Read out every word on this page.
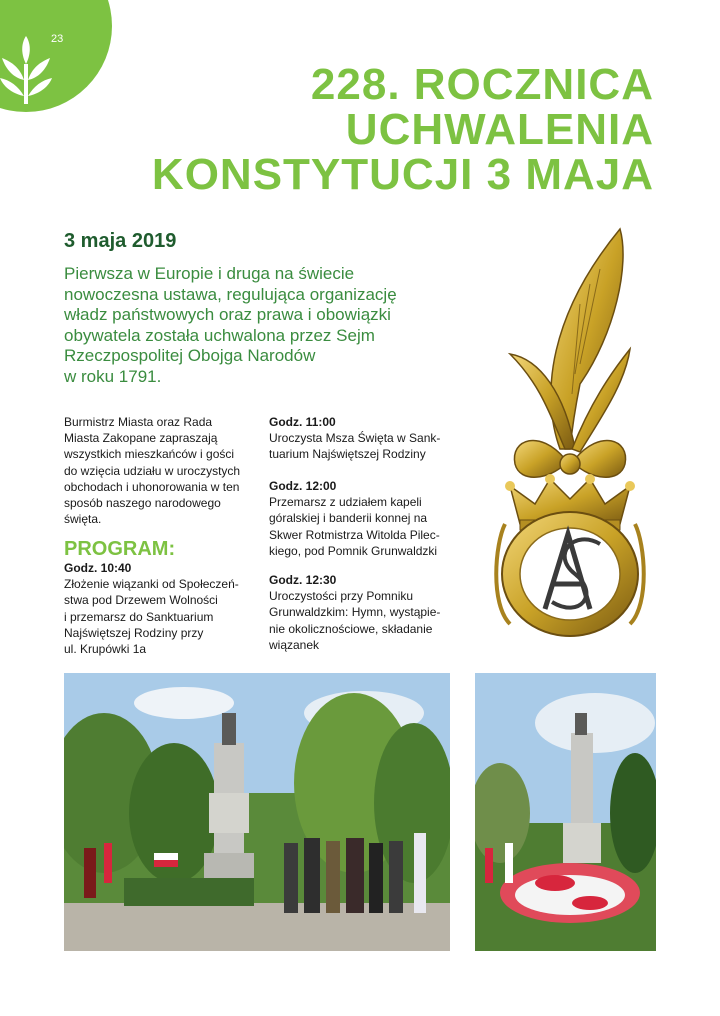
23
228. ROCZNICA
UCHWALENIA
KONSTYTUCJI 3 MAJA
3 maja 2019
Pierwsza w Europie i druga na świecie
nowoczesna ustawa, regulująca organizację
władz państwowych oraz prawa i obowiązki
obywatela została uchwalona przez Sejm
Rzeczpospolitej Obojga Narodów
w roku 1791.
Burmistrz Miasta oraz Rada
Miasta Zakopane zapraszają
wszystkich mieszkańców i gości
do wzięcia udziału w uroczystych
obchodach i uhonorowania w ten
sposób naszego narodowego
święta.
PROGRAM:
Godz. 10:40
Złożenie wiązanki od Społeczeń-
stwa pod Drzewem Wolności
i przemarsz do Sanktuarium
Najświętszej Rodziny przy
ul. Krupówki 1a
Godz. 11:00
Uroczysta Msza Święta w Sank-
tuarium Najświętszej Rodziny
Godz. 12:00
Przemarsz z udziałem kapeli
góralskiej i banderii konnej na
Skwer Rotmistrza Witolda Pilec-
kiego, pod Pomnik Grunwaldzki
Godz. 12:30
Uroczystości przy Pomniku
Grunwaldzkim: Hymn, wystąpie-
nie okolicznościowe, składanie
wiązanek
